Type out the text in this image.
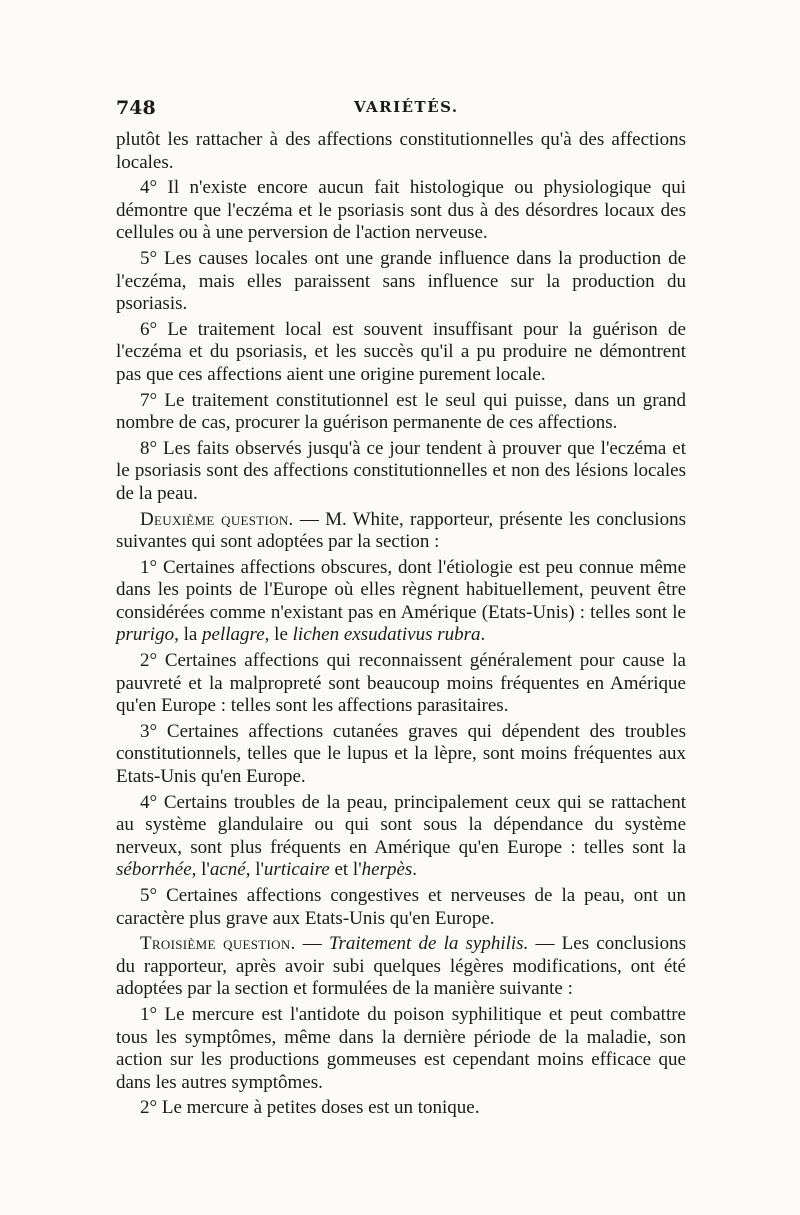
748	VARIÉTÉS.

plutôt les rattacher à des affections constitutionnelles qu'à des affections locales.

4° Il n'existe encore aucun fait histologique ou physiologique qui démontre que l'eczéma et le psoriasis sont dus à des désordres locaux des cellules ou à une perversion de l'action nerveuse.

5° Les causes locales ont une grande influence dans la production de l'eczéma, mais elles paraissent sans influence sur la production du psoriasis.

6° Le traitement local est souvent insuffisant pour la guérison de l'eczéma et du psoriasis, et les succès qu'il a pu produire ne démontrent pas que ces affections aient une origine purement locale.

7° Le traitement constitutionnel est le seul qui puisse, dans un grand nombre de cas, procurer la guérison permanente de ces affections.

8° Les faits observés jusqu'à ce jour tendent à prouver que l'eczéma et le psoriasis sont des affections constitutionnelles et non des lésions locales de la peau.

Deuxième question. — M. White, rapporteur, présente les conclusions suivantes qui sont adoptées par la section :

1° Certaines affections obscures, dont l'étiologie est peu connue même dans les points de l'Europe où elles règnent habituellement, peuvent être considérées comme n'existant pas en Amérique (Etats-Unis) : telles sont le prurigo, la pellagre, le lichen exsudativus rubra.

2° Certaines affections qui reconnaissent généralement pour cause la pauvreté et la malpropreté sont beaucoup moins fréquentes en Amérique qu'en Europe : telles sont les affections parasitaires.

3° Certaines affections cutanées graves qui dépendent des troubles constitutionnels, telles que le lupus et la lèpre, sont moins fréquentes aux Etats-Unis qu'en Europe.

4° Certains troubles de la peau, principalement ceux qui se rattachent au système glandulaire ou qui sont sous la dépendance du système nerveux, sont plus fréquents en Amérique qu'en Europe : telles sont la séborrhée, l'acné, l'urticaire et l'herpès.

5° Certaines affections congestives et nerveuses de la peau, ont un caractère plus grave aux Etats-Unis qu'en Europe.

Troisième question. — Traitement de la syphilis. — Les conclusions du rapporteur, après avoir subi quelques légères modifications, ont été adoptées par la section et formulées de la manière suivante :

1° Le mercure est l'antidote du poison syphilitique et peut combattre tous les symptômes, même dans la dernière période de la maladie, son action sur les productions gommeuses est cependant moins efficace que dans les autres symptômes.

2° Le mercure à petites doses est un tonique.
